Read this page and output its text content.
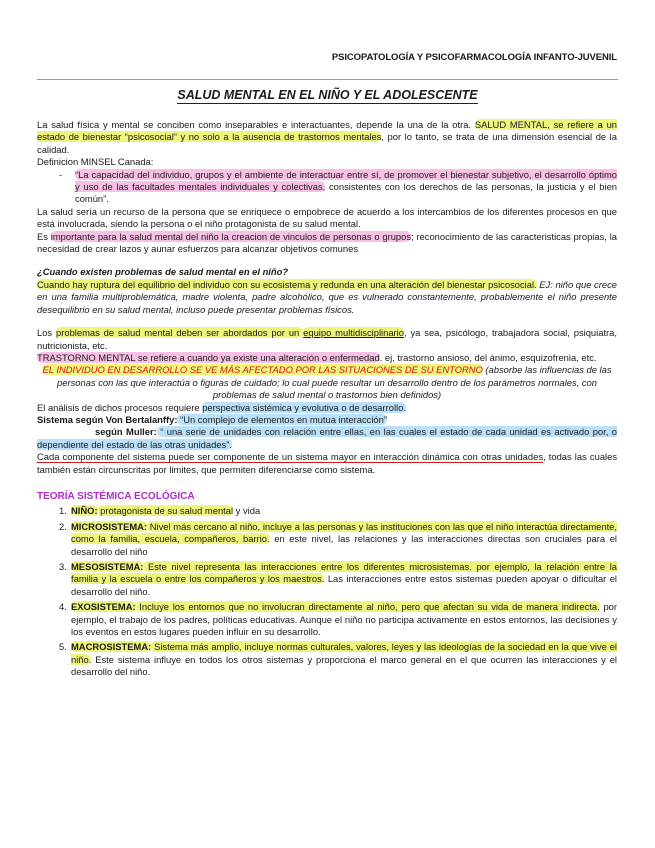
PSICOPATOLOGÍA Y PSICOFARMACOLOGÍA INFANTO-JUVENIL
SALUD MENTAL EN EL NIÑO Y EL ADOLESCENTE

La salud física y mental se conciben como inseparables e interactuantes, depende la una de la otra. SALUD MENTAL, se refiere a un estado de bienestar “psicosocial” y no solo a la ausencia de trastornos mentales, por lo tanto, se trata de una dimensión esencial de la calidad.

Definicion MINSEL Canada:

-	“La capacidad del individuo, grupos y el ambiente de interactuar entre sí, de promover el bienestar subjetivo, el desarrollo óptimo y uso de las facultades mentales individuales y colectivas, consistentes con los derechos de las personas, la justicia y el bien común”.

La salud sería un recurso de la persona que se enriquece o empobrece de acuerdo a los intercambios de los diferentes procesos en que está involucrada, siendo la persona o el niño protagonista de su salud mental.

Es importante para la salud mental del niño la creacion de vinculos de personas o grupos; reconocimiento de las caracteristicas propias, la necesidad de crear lazos y aunar esfuerzos para alcanzar objetivos comunes

¿Cuando existen problemas de salud mental en el niño?

Cuando hay ruptura del equilibrio del individuo con su ecosistema y redunda en una alteración del bienestar psicosocial. EJ: niño que crece en una familia multiproblemática, madre violenta, padre alcohólico, que es vulnerado constantemente, probablemente el niño presente desequilibrio en su salud mental, incluso puede presentar problemas físicos.

Los problemas de salud mental deben ser abordados por un equipo multidisciplinario, ya sea, psicólogo, trabajadora social, psiquiatra, nutricionista, etc.

TRASTORNO MENTAL se refiere a cuando ya existe una alteración o enfermedad. ej, trastorno ansioso, del ánimo, esquizofrenia, etc.

EL INDIVIDUO EN DESARROLLO SE VE MÁS AFECTADO POR LAS SITUACIONES DE SU ENTORNO (absorbe las influencias de las personas con las que interactúa o figuras de cuidado; lo cual puede resultar un desarrollo dentro de los parámetros normales, con problemas de salud mental o trastornos bien definidos)

El análisis de dichos procesos requiere perspectiva sistémica y evolutiva o de desarrollo.

Sistema según Von Bertalanffy: “Un complejo de elementos en mutua interacción”

según Muller: “ una serie de unidades con relación entre ellas, en las cuales el estado de cada unidad es activado por, o dependiente del estado de las otras unidades”.

Cada componente del sistema puede ser componente de un sistema mayor en interacción dinámica con otras unidades, todas las cuales también están circunscritas por limites, que permiten diferenciarse como sistema.

TEORÍA SISTÉMICA ECOLÓGICA

1. NIÑO: protagonista de su salud mental y vida
2. MICROSISTEMA: Nivel más cercano al niño, incluye a las personas y las instituciones con las que el niño interactúa directamente, como la familia, escuela, compañeros, barrio. en este nivel, las relaciones y las interacciones directas son cruciales para el desarrollo del niño
3. MESOSISTEMA: Este nivel representa las interacciones entre los diferentes microsistemas. por ejemplo, la relación entre la familia y la escuela o entre los compañeros y los maestros. Las interacciones entre estos sistemas pueden apoyar o dificultar el desarrollo del niño.
4. EXOSISTEMA: Incluye los entornos que no involucran directamente al niño, pero que afectan su vida de manera indirecta. por ejemplo, el trabajo de los padres, políticas educativas. Aunque el niño no participa activamente en estos entornos, las decisiones y los eventos en estos lugares pueden influir en su desarrollo.
5. MACROSISTEMA: Sistema más amplio, incluye normas culturales, valores, leyes y las ideologías de la sociedad en la que vive el niño. Este sistema influye en todos los otros sistemas y proporciona el marco general en el que ocurren las interacciones y el desarrollo del niño.
